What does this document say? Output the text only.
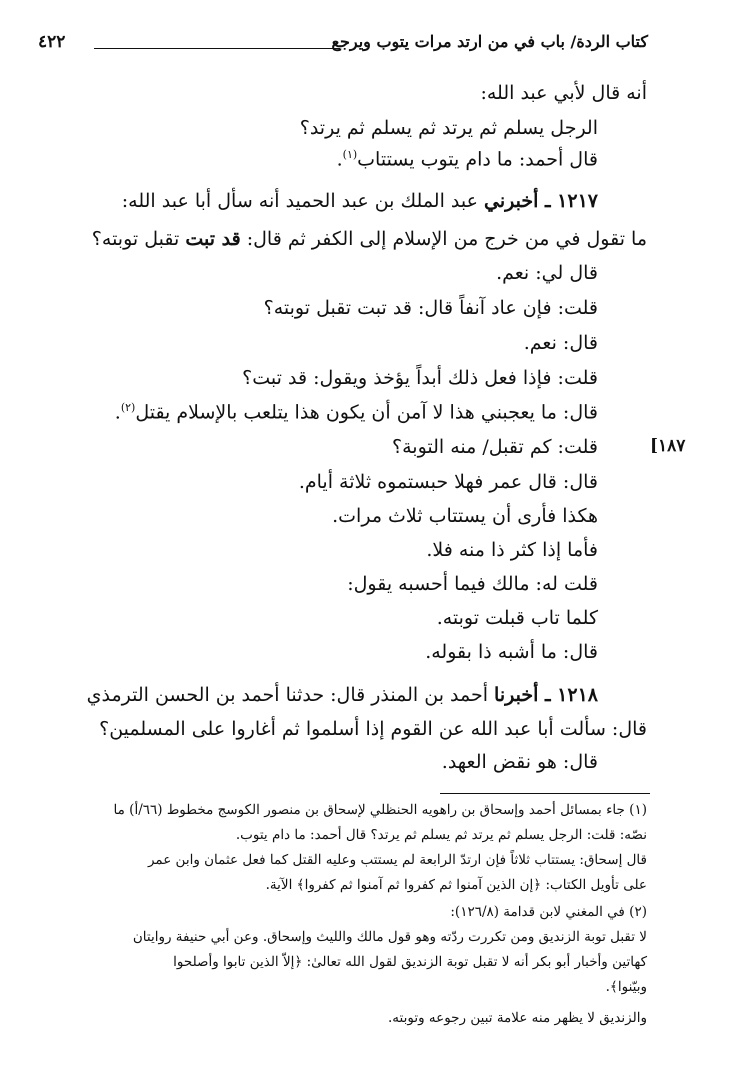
كتاب الردة/ باب في من ارتد مرات يتوب ويرجع
٤٢٢
أنه قال لأبي عبد الله:
الرجل يسلم ثم يرتد ثم يسلم ثم يرتد؟
قال أحمد: ما دام يتوب يستتاب$^{(١)}$.
١٢١٧ ـ أخبرني عبد الملك بن عبد الحميد أنه سأل أبا عبد الله:
ما تقول في من خرج من الإسلام إلى الكفر ثم قال: قد تبت تقبل توبته؟
قال لي: نعم.
قلت: فإن عاد آنفاً قال: قد تبت تقبل توبته؟
قال: نعم.
قلت: فإذا فعل ذلك أبداً يؤخذ ويقول: قد تبت؟
قال: ما يعجبني هذا لا آمن أن يكون هذا يتلعب بالإسلام يقتل$^{(٢)}$.
قلت: كم تقبل/ منه التوبة؟	[١٨٧
قال: قال عمر فهلا حبستموه ثلاثة أيام.
هكذا فأرى أن يستتاب ثلاث مرات.
فأما إذا كثر ذا منه فلا.
قلت له: مالك فيما أحسبه يقول:
كلما تاب قبلت توبته.
قال: ما أشبه ذا بقوله.
١٢١٨ ـ أخبرنا أحمد بن المنذر قال: حدثنا أحمد بن الحسن الترمذي
قال: سألت أبا عبد الله عن القوم إذا أسلموا ثم أغاروا على المسلمين؟
قال: هو نقض العهد.
(١) جاء بمسائل أحمد وإسحاق بن راهويه الحنظلي لإسحاق بن منصور الكوسج مخطوط (٦٦/أ) ما
نصّه: قلت: الرجل يسلم ثم يرتد ثم يسلم ثم يرتد؟ قال أحمد: ما دام يتوب.
قال إسحاق: يستتاب ثلاثاً فإن ارتدّ الرابعة لم يستتب وعليه القتل كما فعل عثمان وابن عمر
على تأويل الكتاب: ﴿إن الذين آمنوا ثم كفروا ثم آمنوا ثم كفروا﴾ الآية.
(٢) في المغني لابن قدامة (١٢٦/٨):
لا تقبل توبة الزنديق ومن تكررت ردّته وهو قول مالك والليث وإسحاق. وعن أبي حنيفة روايتان
كهاتين وأخبار أبو بكر أنه لا تقبل توبة الزنديق لقول الله تعالىٰ: ﴿إلاّ الذين تابوا وأصلحوا
وبيّنوا﴾.
والزنديق لا يظهر منه علامة تبين رجوعه وتوبته.
